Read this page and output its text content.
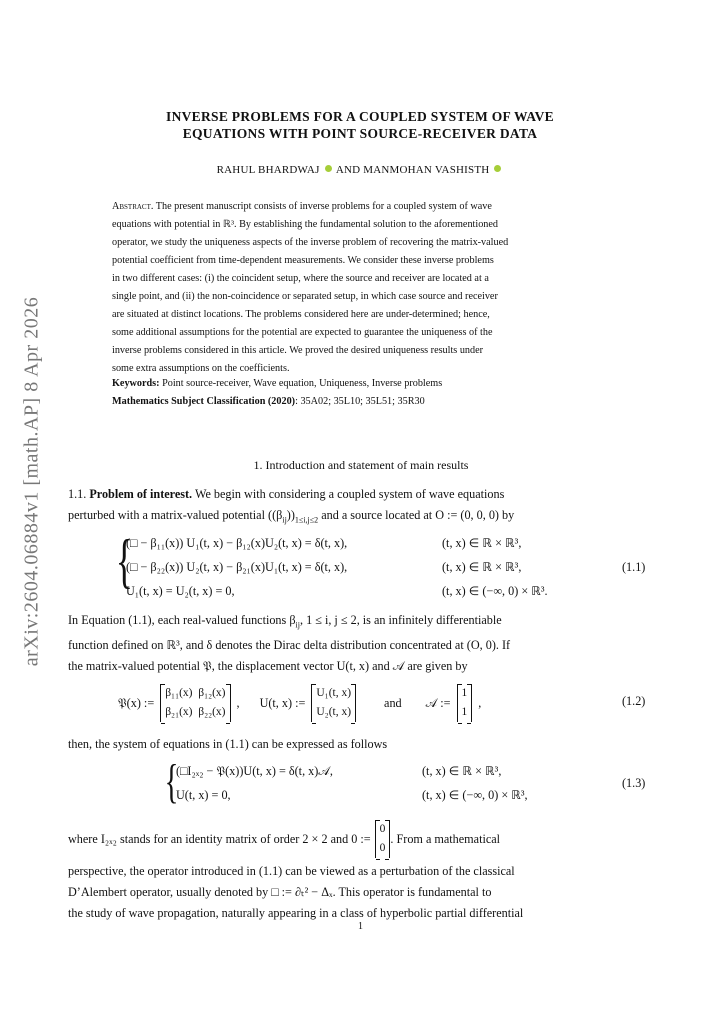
arXiv:2604.06884v1 [math.AP] 8 Apr 2026
INVERSE PROBLEMS FOR A COUPLED SYSTEM OF WAVE
EQUATIONS WITH POINT SOURCE-RECEIVER DATA
RAHUL BHARDWAJ AND MANMOHAN VASHISTH
Abstract. The present manuscript consists of inverse problems for a coupled system of wave
equations with potential in ℝ³. By establishing the fundamental solution to the aforementioned
operator, we study the uniqueness aspects of the inverse problem of recovering the matrix-valued
potential coefficient from time-dependent measurements. We consider these inverse problems
in two different cases: (i) the coincident setup, where the source and receiver are located at a
single point, and (ii) the non-coincidence or separated setup, in which case source and receiver
are situated at distinct locations. The problems considered here are under-determined; hence,
some additional assumptions for the potential are expected to guarantee the uniqueness of the
inverse problems considered in this article. We proved the desired uniqueness results under
some extra assumptions on the coefficients.
Keywords: Point source-receiver, Wave equation, Uniqueness, Inverse problems
Mathematics Subject Classification (2020): 35A02; 35L10; 35L51; 35R30
1. Introduction and statement of main results
1.1. Problem of interest. We begin with considering a coupled system of wave equations
perturbed with a matrix-valued potential $((\beta_{ij}))_{1\le i,j\le 2}$ and a source located at O := (0, 0, 0) by
{
(□ − β₁₁(x)) U₁(t, x) − β₁₂(x)U₂(t, x) = δ(t, x),	(t, x) ∈ ℝ × ℝ³,
(□ − β₂₂(x)) U₂(t, x) − β₂₁(x)U₁(t, x) = δ(t, x),	(t, x) ∈ ℝ × ℝ³,
U₁(t, x) = U₂(t, x) = 0,	(t, x) ∈ (−∞, 0) × ℝ³.
(1.1)
In Equation (1.1), each real-valued functions $\beta_{ij}$, 1 ≤ i, j ≤ 2, is an infinitely differentiable
function defined on ℝ³, and δ denotes the Dirac delta distribution concentrated at (O, 0). If
the matrix-valued potential 𝔓, the displacement vector U(t, x) and 𝒜 are given by
𝔓(x) :=
β₁₁(x) β₁₂(x)
β₂₁(x) β₂₂(x)
, U(t, x) :=
U₁(t, x)
U₂(t, x)
and 𝒜 :=
1
1
,	(1.2)
then, the system of equations in (1.1) can be expressed as follows
{
(□I₂ₓ₂ − 𝔓(x))U(t, x) = δ(t, x)𝒜,	(t, x) ∈ ℝ × ℝ³,
U(t, x) = 0,	(t, x) ∈ (−∞, 0) × ℝ³,
(1.3)
where I₂ₓ₂ stands for an identity matrix of order 2 × 2 and 0 :=
0
0
. From a mathematical
perspective, the operator introduced in (1.1) can be viewed as a perturbation of the classical
D’Alembert operator, usually denoted by □ := ∂ₜ² − Δₓ. This operator is fundamental to
the study of wave propagation, naturally appearing in a class of hyperbolic partial differential
1
